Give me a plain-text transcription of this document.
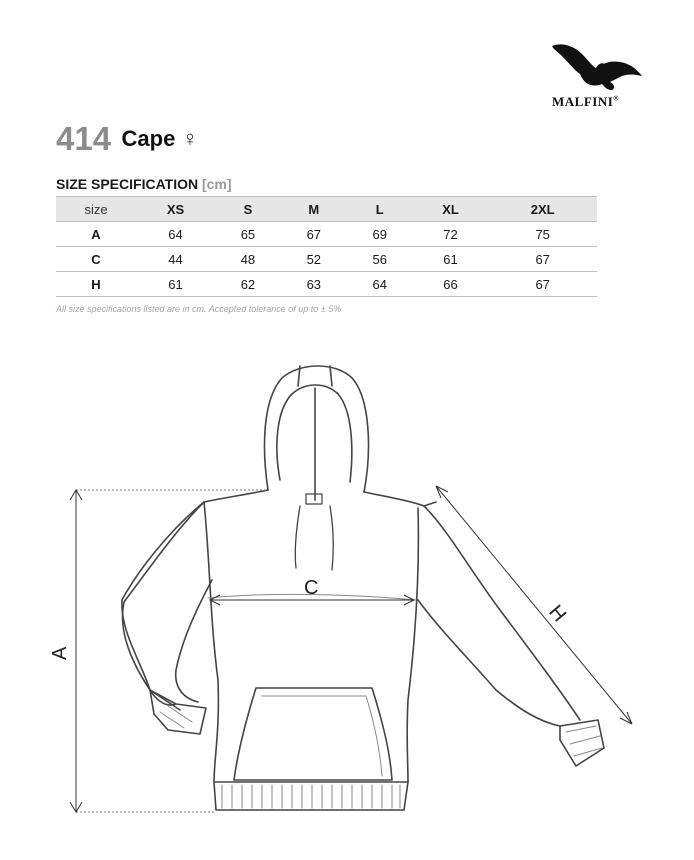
MALFINI®
414 Cape ♀
SIZE SPECIFICATION [cm]
size	XS	S	M	L	XL	2XL
A	64	65	67	69	72	75
C	44	48	52	56	61	67
H	61	62	63	64	66	67
All size specifications listed are in cm. Accepted tolerance of up to ± 5%
A
C
H
